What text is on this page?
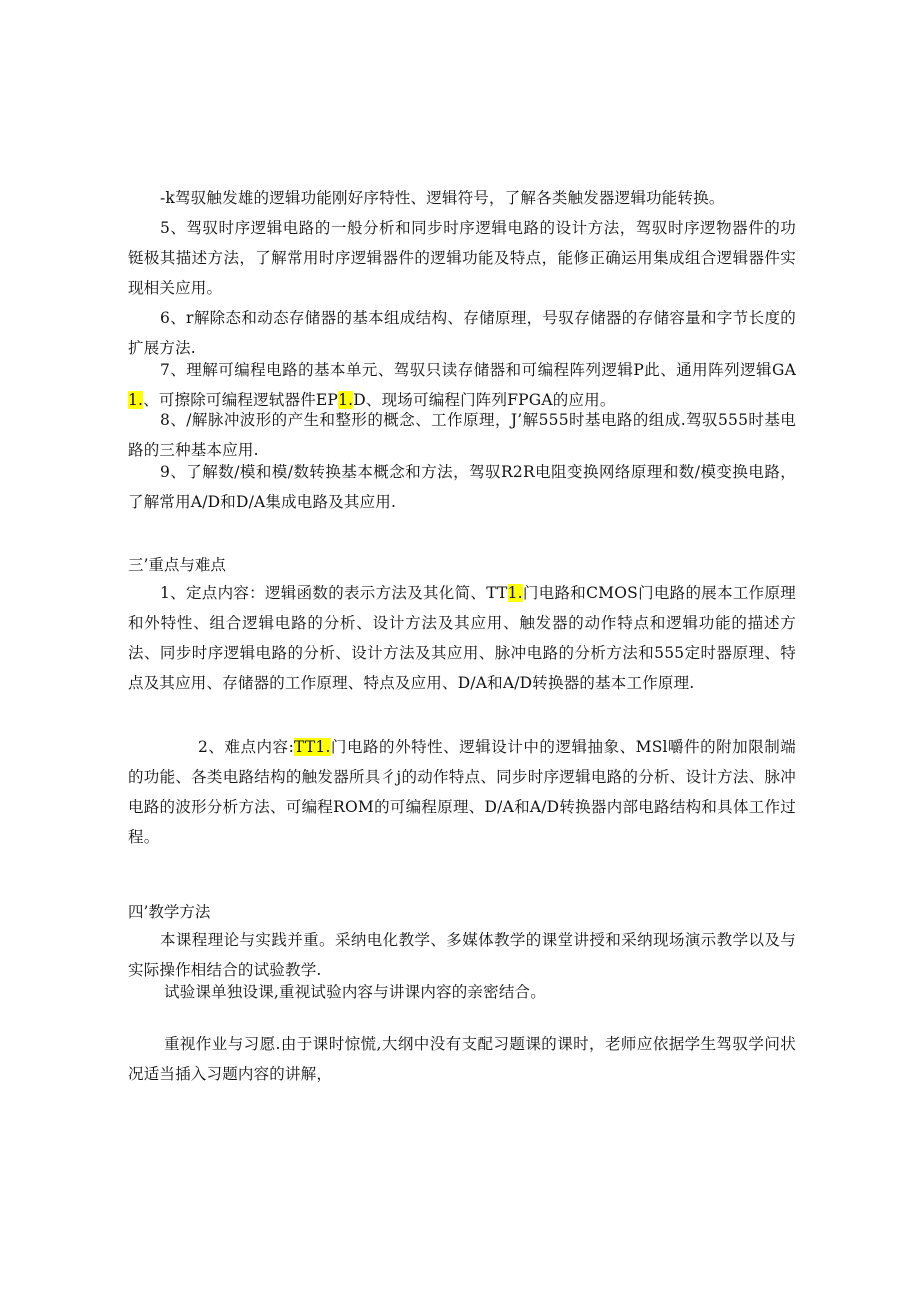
-k驾驭触发雄的逻辑功能刚好序特性、逻辑符号，了解各类触发器逻辑功能转换。

5、驾驭时序逻辑电路的一般分析和同步时序逻辑电路的设计方法，驾驭时序逻物器件的功铤极其描述方法，了解常用时序逻辑器件的逻辑功能及特点，能修正确运用集成组合逻辑器件实现相关应用。

6、r解除态和动态存储器的基本组成结构、存储原理，号驭存储器的存储容量和字节长度的扩展方法.

7、理解可编程电路的基本单元、驾驭只读存储器和可编程阵列逻辑P此、通用阵列逻辑GA1.、可擦除可编程逻轼器件EP1.D、现场可编程门阵列FPGA的应用。

8、/解脉冲波形的产生和整形的概念、工作原理，J’解555时基电路的组成.驾驭555时基电路的三种基本应用.

9、了解数/模和模/数转换基本概念和方法，驾驭R2R电阻变换网络原理和数/模变换电路，了解常用A/D和D/A集成电路及其应用.

三’重点与难点

1、定点内容：逻辑函数的表示方法及其化简、TT1.门电路和CMOS门电路的展本工作原理和外特性、组合逻辑电路的分析、设计方法及其应用、触发器的动作特点和逻辑功能的描述方法、同步时序逻辑电路的分析、设计方法及其应用、脉冲电路的分析方法和555定时器原理、特点及其应用、存储器的工作原理、特点及应用、D/A和A/D转换器的基本工作原理.

2、难点内容:TT1.门电路的外特性、逻辑设计中的逻辑抽象、MSl嚼件的附加限制端的功能、各类电路结构的触发器所具彳j的动作特点、同步时序逻辑电路的分析、设计方法、脉冲电路的波形分析方法、可编程ROM的可编程原理、D/A和A/D转换器内部电路结构和具体工作过程。

四’教学方法

本课程理论与实践并重。采纳电化教学、多媒体教学的课堂讲授和采纳现场演示教学以及与实际操作相结合的试验教学.

试验课单独设课,重视试验内容与讲课内容的亲密结合。

重视作业与习愿.由于课时惊慌,大纲中没有支配习题课的课时，老师应依据学生驾驭学问状况适当插入习题内容的讲解，
